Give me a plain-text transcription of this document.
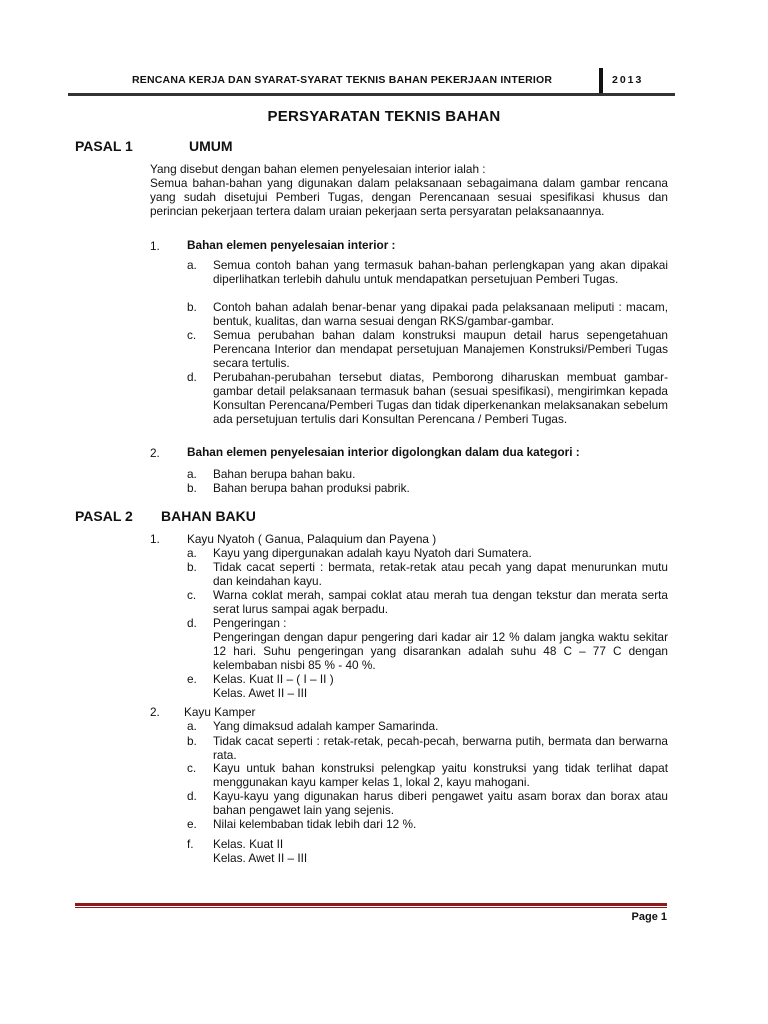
RENCANA KERJA DAN SYARAT-SYARAT TEKNIS BAHAN PEKERJAAN INTERIOR	2013
PERSYARATAN TEKNIS BAHAN
PASAL 1	UMUM
Yang disebut dengan bahan elemen penyelesaian interior ialah :
Semua bahan-bahan yang digunakan dalam pelaksanaan sebagaimana dalam gambar rencana yang sudah disetujui Pemberi Tugas, dengan Perencanaan sesuai spesifikasi khusus dan perincian pekerjaan tertera dalam uraian pekerjaan serta persyaratan pelaksanaannya.
1. Bahan elemen penyelesaian interior :
a. Semua contoh bahan yang termasuk bahan-bahan perlengkapan yang akan dipakai diperlihatkan terlebih dahulu untuk mendapatkan persetujuan Pemberi Tugas.
b. Contoh bahan adalah benar-benar yang dipakai pada pelaksanaan meliputi : macam, bentuk, kualitas, dan warna sesuai dengan RKS/gambar-gambar.
c. Semua perubahan bahan dalam konstruksi maupun detail harus sepengetahuan Perencana Interior dan mendapat persetujuan Manajemen Konstruksi/Pemberi Tugas secara tertulis.
d. Perubahan-perubahan tersebut diatas, Pemborong diharuskan membuat gambar-gambar detail pelaksanaan termasuk bahan (sesuai spesifikasi), mengirimkan kepada Konsultan Perencana/Pemberi Tugas dan tidak diperkenankan melaksanakan sebelum ada persetujuan tertulis dari Konsultan Perencana / Pemberi Tugas.
2. Bahan elemen penyelesaian interior digolongkan dalam dua kategori :
a. Bahan berupa bahan baku.
b. Bahan berupa bahan produksi pabrik.
PASAL 2 BAHAN BAKU
1. Kayu Nyatoh ( Ganua, Palaquium dan Payena )
a. Kayu yang dipergunakan adalah kayu Nyatoh dari Sumatera.
b. Tidak cacat seperti : bermata, retak-retak atau pecah yang dapat menurunkan mutu dan keindahan kayu.
c. Warna coklat merah, sampai coklat atau merah tua dengan tekstur dan merata serta serat lurus sampai agak berpadu.
d. Pengeringan :
Pengeringan dengan dapur pengering dari kadar air 12 % dalam jangka waktu sekitar 12 hari. Suhu pengeringan yang disarankan adalah suhu 48 C – 77 C dengan kelembaban nisbi 85 % - 40 %.
e. Kelas. Kuat II – ( I – II )
Kelas. Awet II – III
2. Kayu Kamper
a. Yang dimaksud adalah kamper Samarinda.
b. Tidak cacat seperti : retak-retak, pecah-pecah, berwarna putih, bermata dan berwarna rata.
c. Kayu untuk bahan konstruksi pelengkap yaitu konstruksi yang tidak terlihat dapat menggunakan kayu kamper kelas 1, lokal 2, kayu mahogani.
d. Kayu-kayu yang digunakan harus diberi pengawet yaitu asam borax dan borax atau bahan pengawet lain yang sejenis.
e. Nilai kelembaban tidak lebih dari 12 %.
f. Kelas. Kuat II
Kelas. Awet II – III
Page 1
